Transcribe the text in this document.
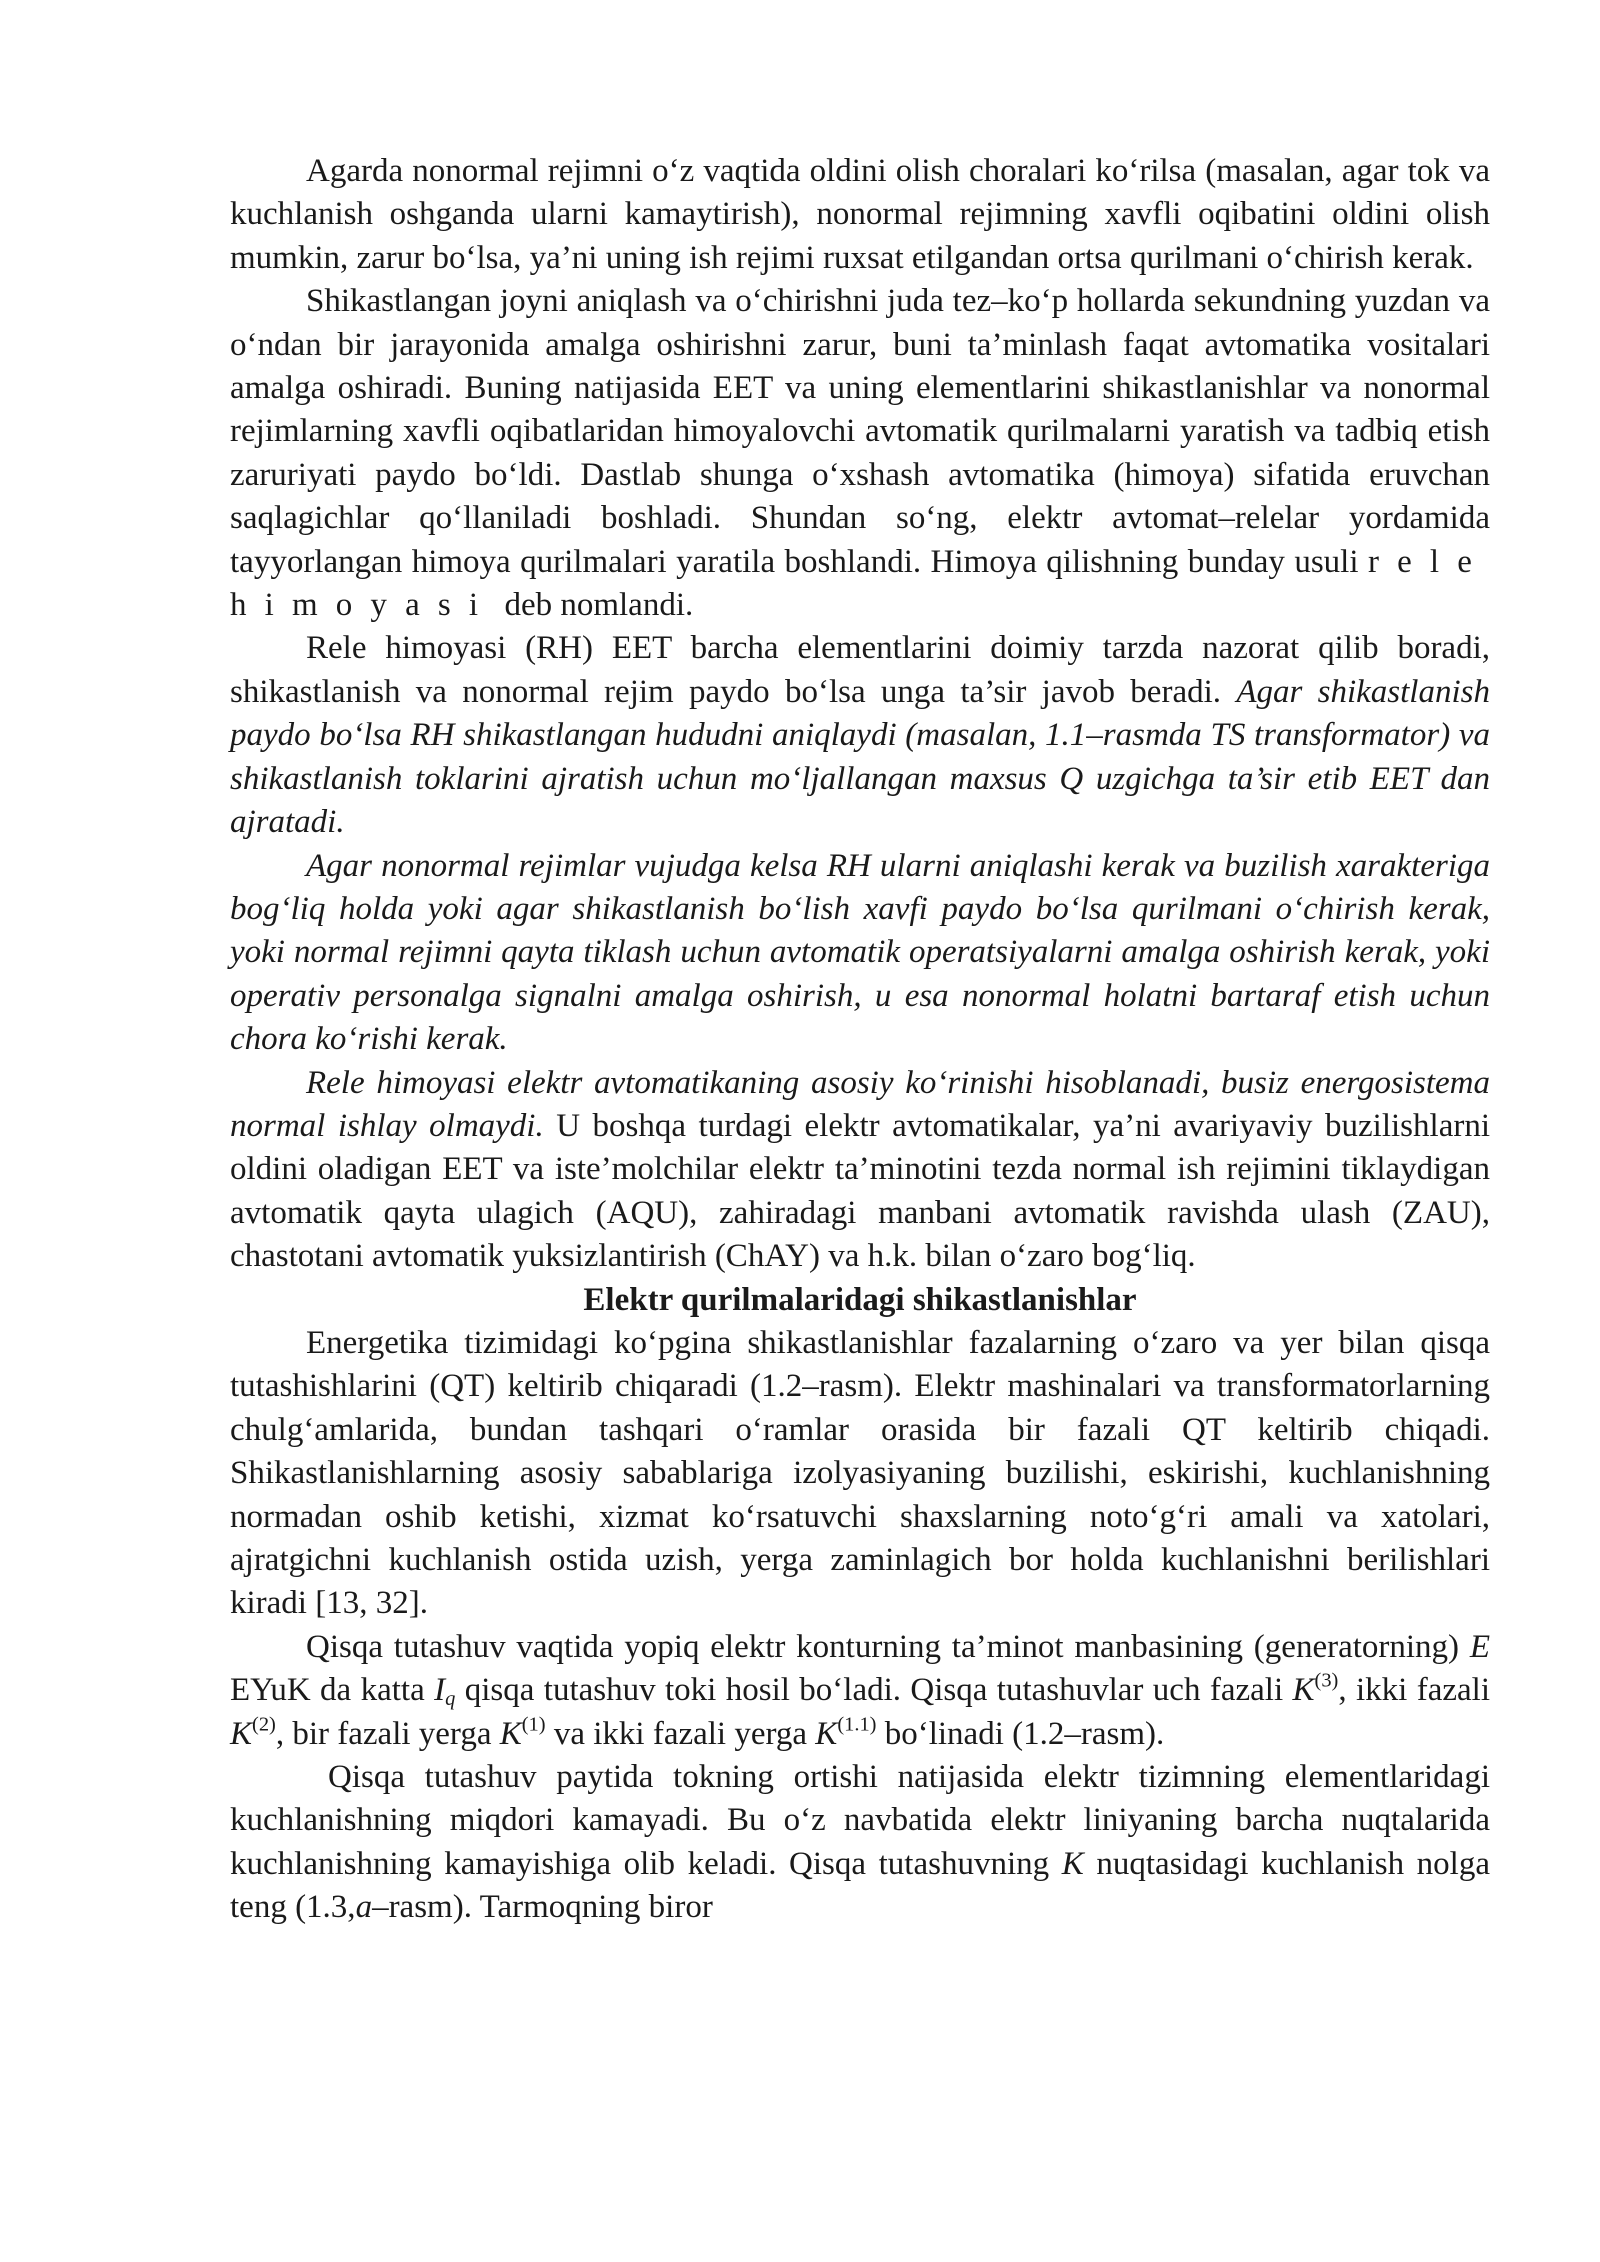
Agarda nonormal rejimni o‘z vaqtida oldini olish choralari ko‘rilsa (masalan, agar tok va kuchlanish oshganda ularni kamaytirish), nonormal rejimning xavfli oqibatini oldini olish mumkin, zarur bo‘lsa, ya’ni uning ish rejimi ruxsat etilgandan ortsa qurilmani o‘chirish kerak.

Shikastlangan joyni aniqlash va o‘chirishni juda tez–ko‘p hollarda sekundning yuzdan va o‘ndan bir jarayonida amalga oshirishni zarur, buni ta’minlash faqat avtomatika vositalari amalga oshiradi. Buning natijasida EET va uning elementlarini shikastlanishlar va nonormal rejimlarning xavfli oqibatlaridan himoyalovchi avtomatik qurilmalarni yaratish va tadbiq etish zaruriyati paydo bo‘ldi. Dastlab shunga o‘xshash avtomatika (himoya) sifatida eruvchan saqlagichlar qo‘llaniladi boshladi. Shundan so‘ng, elektr avtomat–relelar yordamida tayyorlangan himoya qurilmalari yaratila boshlandi. Himoya qilishning bunday usuli rele himoyasi deb nomlandi.

Rele himoyasi (RH) EET barcha elementlarini doimiy tarzda nazorat qilib boradi, shikastlanish va nonormal rejim paydo bo‘lsa unga ta’sir javob beradi. Agar shikastlanish paydo bo‘lsa RH shikastlangan hududni aniqlaydi (masalan, 1.1–rasmda TS transformator) va shikastlanish toklarini ajratish uchun mo‘ljallangan maxsus Q uzgichga ta’sir etib EET dan ajratadi.

Agar nonormal rejimlar vujudga kelsa RH ularni aniqlashi kerak va buzilish xarakteriga bog‘liq holda yoki agar shikastlanish bo‘lish xavfi paydo bo‘lsa qurilmani o‘chirish kerak, yoki normal rejimni qayta tiklash uchun avtomatik operatsiyalarni amalga oshirish kerak, yoki operativ personalga signalni amalga oshirish, u esa nonormal holatni bartaraf etish uchun chora ko‘rishi kerak.

Rele himoyasi elektr avtomatikaning asosiy ko‘rinishi hisoblanadi, busiz energosistema normal ishlay olmaydi. U boshqa turdagi elektr avtomatikalar, ya’ni avariyaviy buzilishlarni oldini oladigan EET va iste’molchilar elektr ta’minotini tezda normal ish rejimini tiklaydigan avtomatik qayta ulagich (AQU), zahiradagi manbani avtomatik ravishda ulash (ZAU), chastotani avtomatik yuksizlantirish (ChAY) va h.k. bilan o‘zaro bog‘liq.

Elektr qurilmalaridagi shikastlanishlar

Energetika tizimidagi ko‘pgina shikastlanishlar fazalarning o‘zaro va yer bilan qisqa tutashishlarini (QT) keltirib chiqaradi (1.2–rasm). Elektr mashinalari va transformatorlarning chulg‘amlarida, bundan tashqari o‘ramlar orasida bir fazali QT keltirib chiqadi. Shikastlanishlarning asosiy sabablariga izolyasiyaning buzilishi, eskirishi, kuchlanishning normadan oshib ketishi, xizmat ko‘rsatuvchi shaxslarning noto‘g‘ri amali va xatolari, ajratgichni kuchlanish ostida uzish, yerga zaminlagich bor holda kuchlanishni berilishlari kiradi [13, 32].

Qisqa tutashuv vaqtida yopiq elektr konturning ta’minot manbasining (generatorning) E EYuK da katta $I_q$ qisqa tutashuv toki hosil bo‘ladi. Qisqa tutashuvlar uch fazali $K^{(3)}$, ikki fazali $K^{(2)}$, bir fazali yerga $K^{(1)}$ va ikki fazali yerga $K^{(1.1)}$ bo‘linadi (1.2–rasm).

Qisqa tutashuv paytida tokning ortishi natijasida elektr tizimning elementlaridagi kuchlanishning miqdori kamayadi. Bu o‘z navbatida elektr liniyaning barcha nuqtalarida kuchlanishning kamayishiga olib keladi. Qisqa tutashuvning K nuqtasidagi kuchlanish nolga teng (1.3,a–rasm). Tarmoqning biror
